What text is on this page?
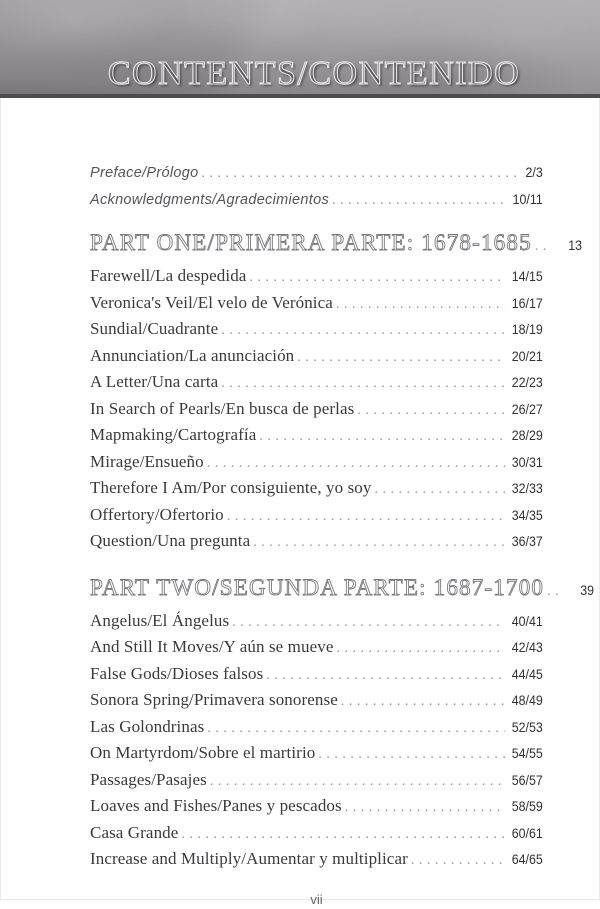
CONTENTS/CONTENIDO
Preface/Prólogo .....	2/3
Acknowledgments/Agradecimientos .....	10/11
PART ONE/PRIMERA PARTE: 1678-1685 .....	13
Farewell/La despedida .....	14/15
Veronica's Veil/El velo de Verónica .....	16/17
Sundial/Cuadrante .....	18/19
Annunciation/La anunciación .....	20/21
A Letter/Una carta .....	22/23
In Search of Pearls/En busca de perlas .....	26/27
Mapmaking/Cartografía .....	28/29
Mirage/Ensueño .....	30/31
Therefore I Am/Por consiguiente, yo soy .....	32/33
Offertory/Ofertorio .....	34/35
Question/Una pregunta .....	36/37
PART TWO/SEGUNDA PARTE: 1687-1700 .....	39
Angelus/El Ángelus .....	40/41
And Still It Moves/Y aún se mueve .....	42/43
False Gods/Dioses falsos .....	44/45
Sonora Spring/Primavera sonorense .....	48/49
Las Golondrinas .....	52/53
On Martyrdom/Sobre el martirio .....	54/55
Passages/Pasajes .....	56/57
Loaves and Fishes/Panes y pescados .....	58/59
Casa Grande .....	60/61
Increase and Multiply/Aumentar y multiplicar .....	64/65
vii
